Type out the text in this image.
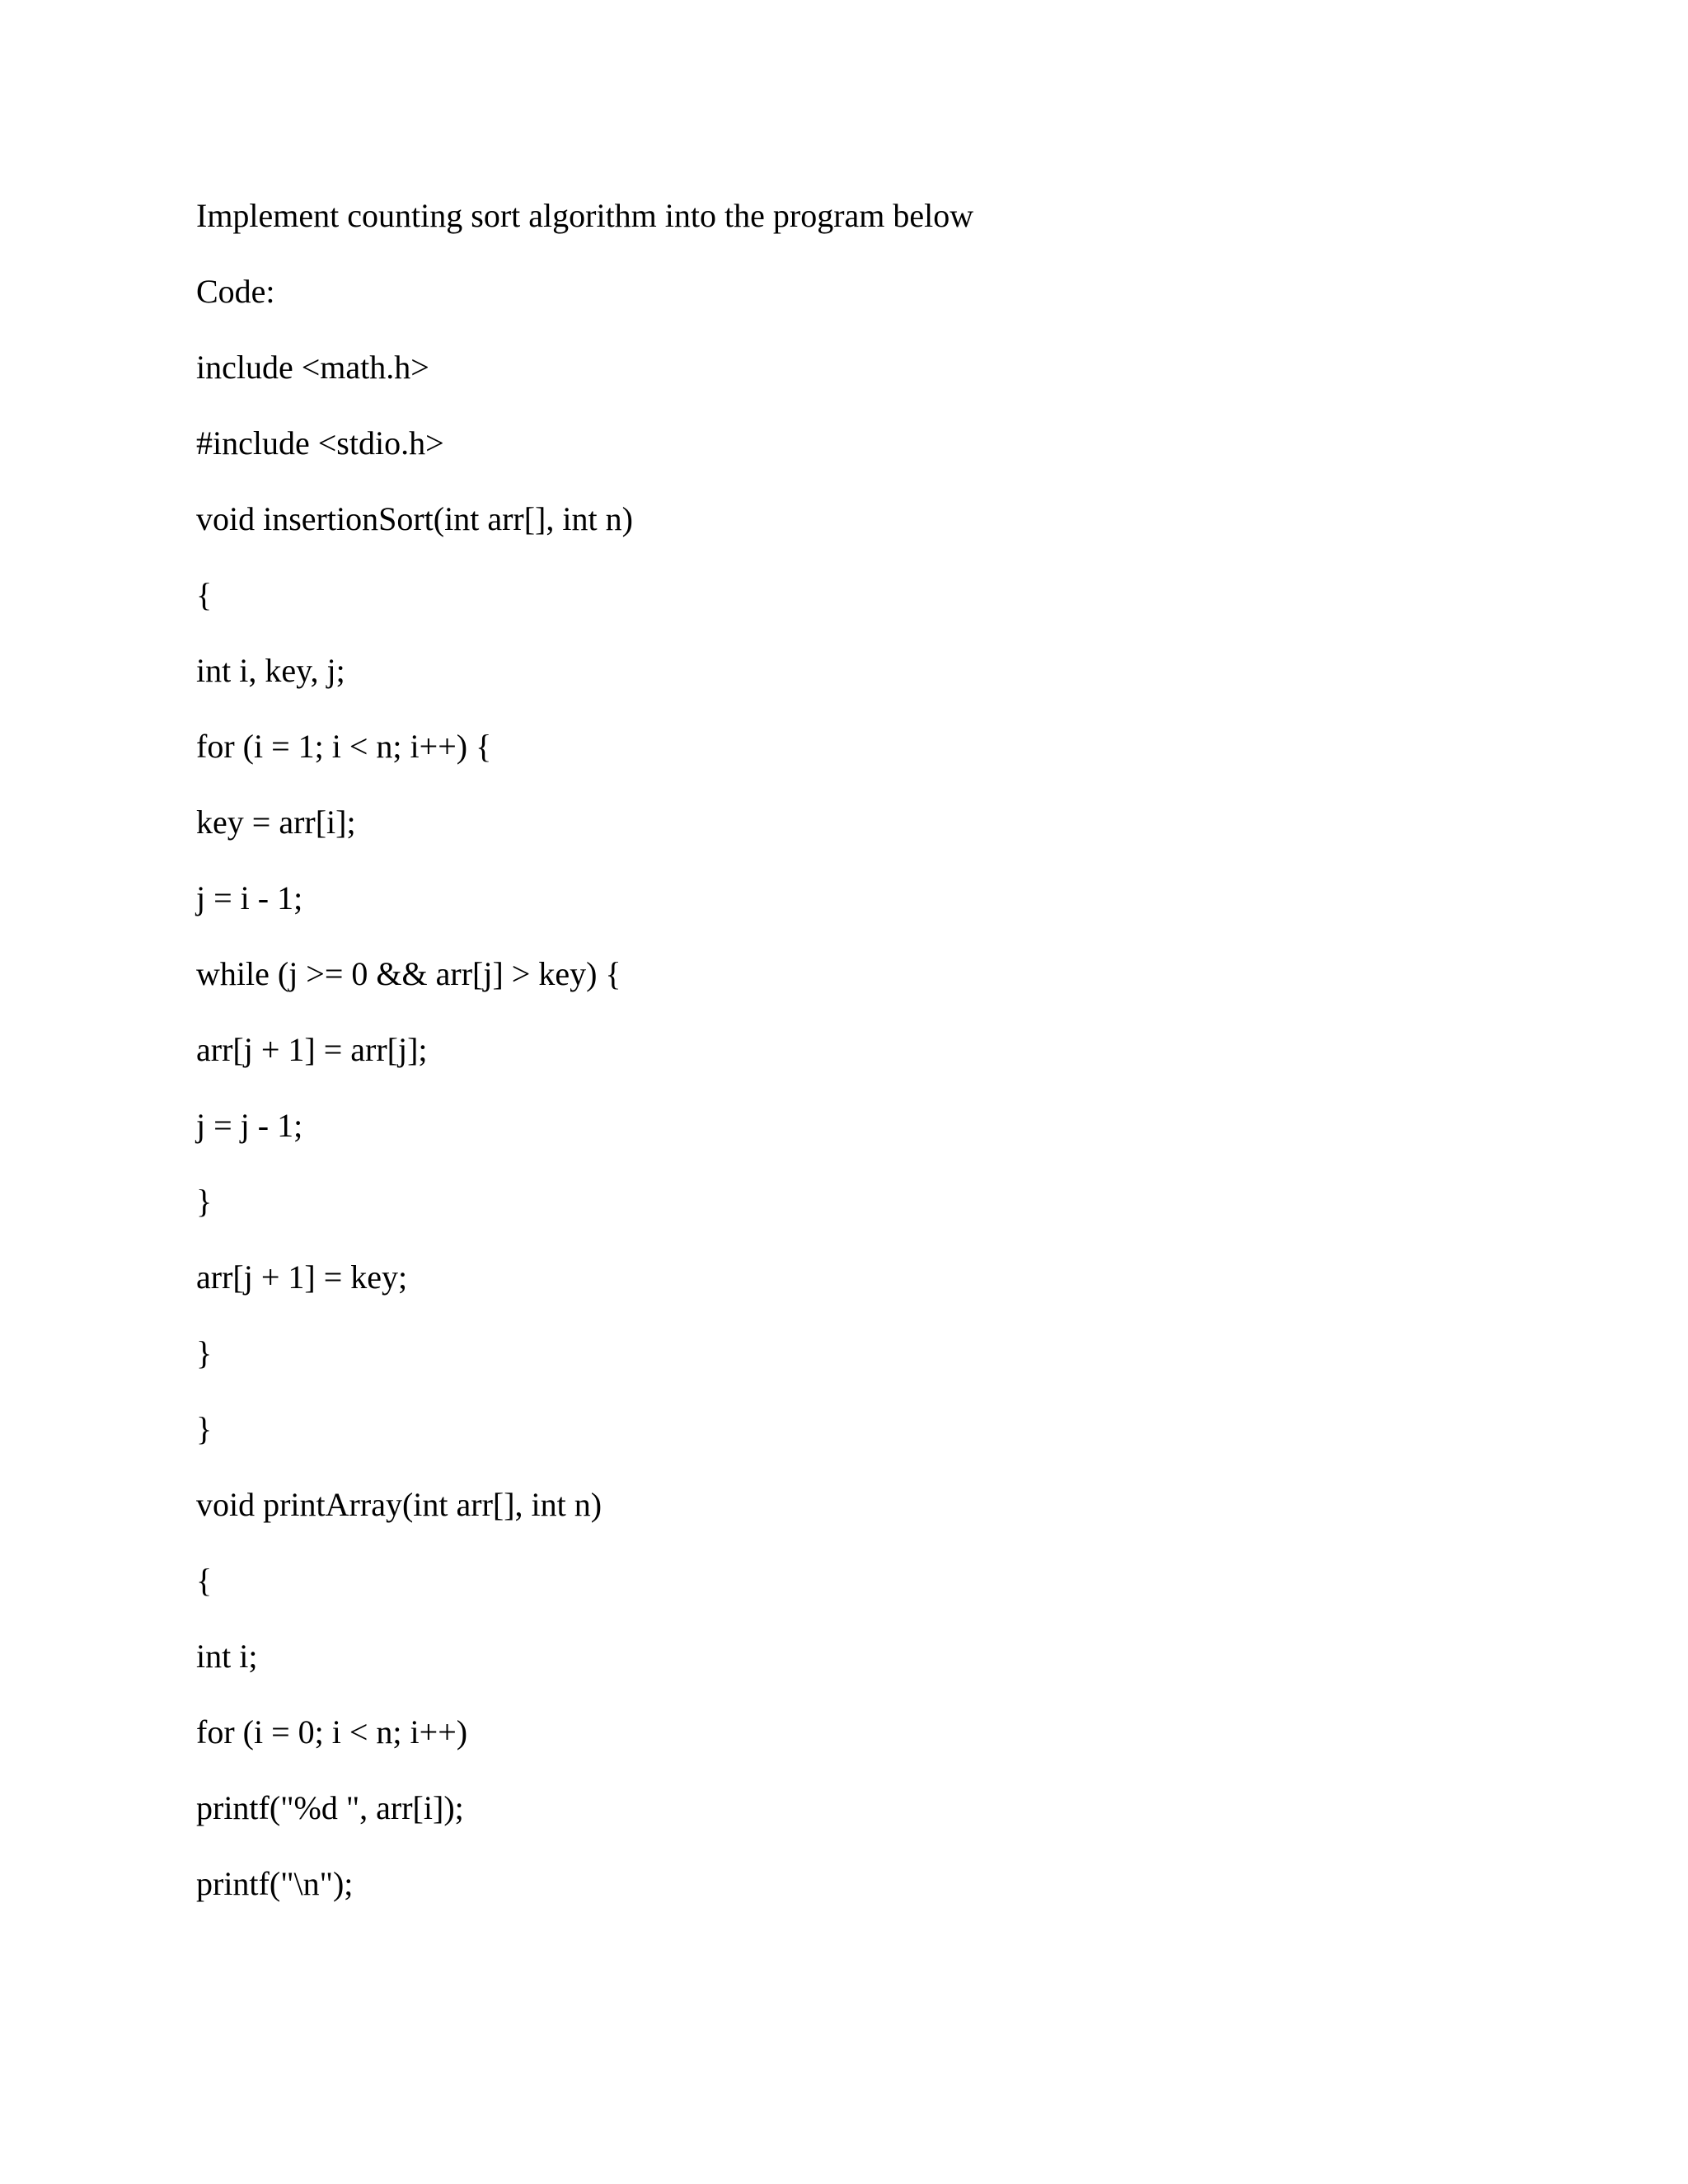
Implement counting sort algorithm into the program below

Code:

include <math.h>

#include <stdio.h>

void insertionSort(int arr[], int n)

{

int i, key, j;

for (i = 1; i < n; i++) {

key = arr[i];

j = i - 1;

while (j >= 0 && arr[j] > key) {

arr[j + 1] = arr[j];

j = j - 1;

}

arr[j + 1] = key;

}

}

void printArray(int arr[], int n)

{

int i;

for (i = 0; i < n; i++)

printf("%d ", arr[i]);

printf("\n");
